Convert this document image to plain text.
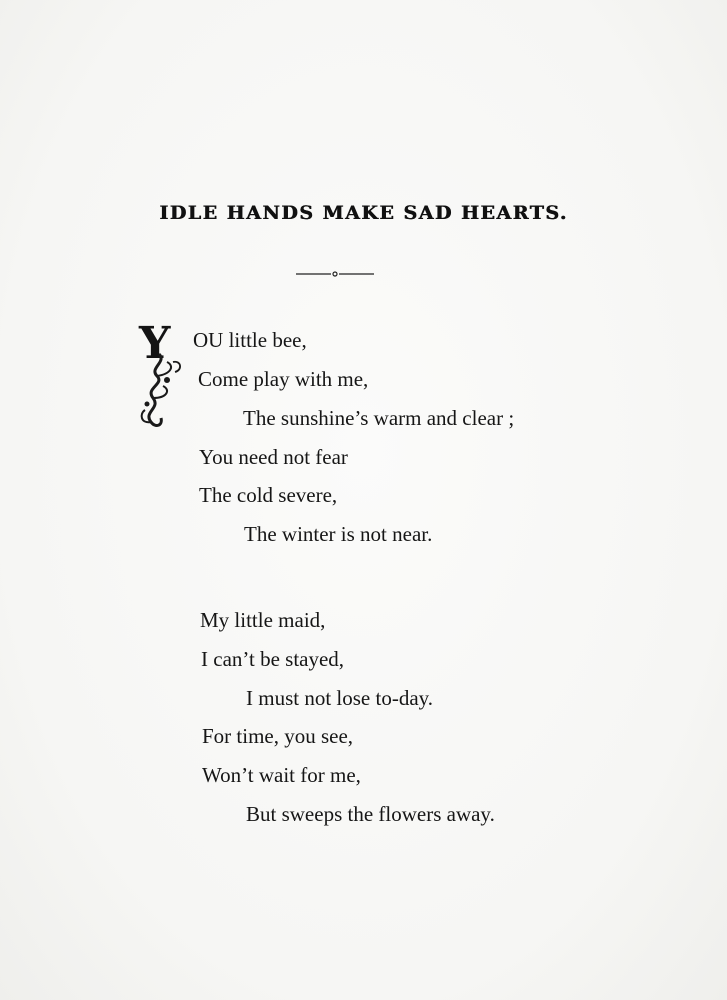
IDLE HANDS MAKE SAD HEARTS.
Y OU little bee,
Come play with me,
The sunshine’s warm and clear ;
You need not fear
The cold severe,
The winter is not near.
My little maid,
I can’t be stayed,
I must not lose to-day.
For time, you see,
Won’t wait for me,
But sweeps the flowers away.
